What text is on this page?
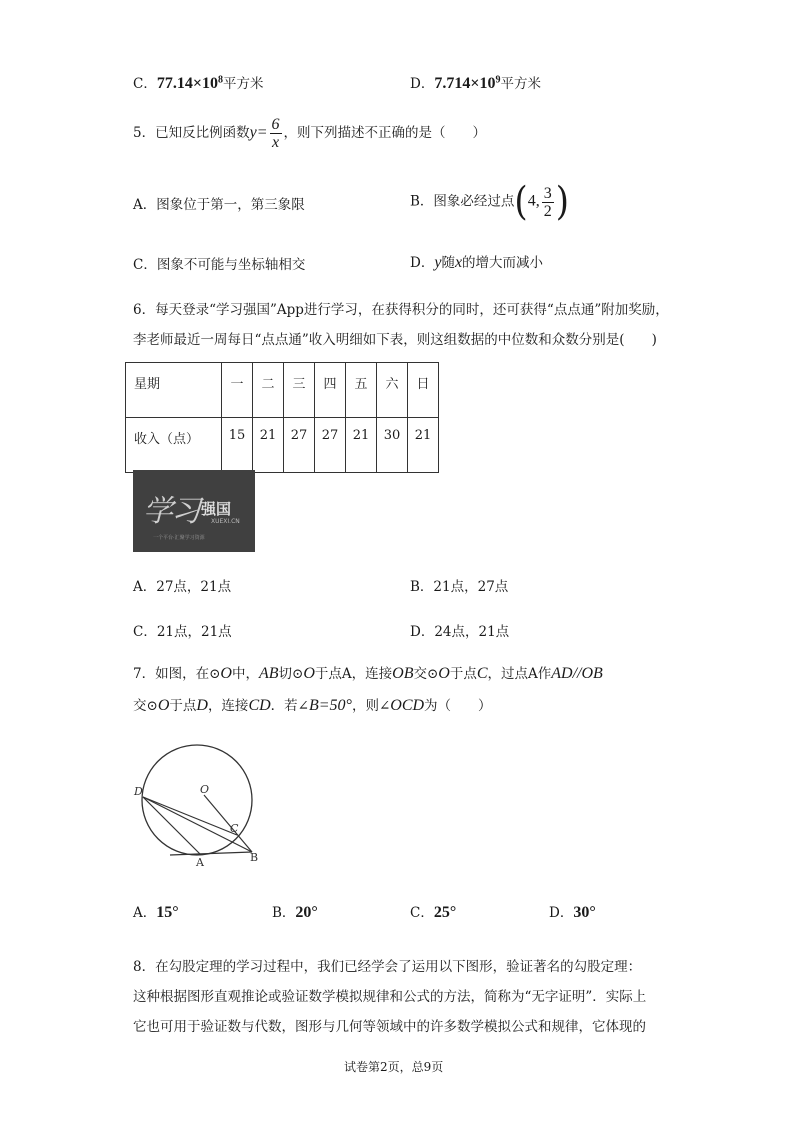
C．$77.14\times 10^8$平方米	D．$7.714\times 10^9$平方米
5．已知反比例函数$y= \frac{6}{x}$ ，则下列描述不正确的是（　　）
A．图象位于第一，第三象限	B．图象必经过点(4, $\frac{3}{2}$ )
C．图象不可能与坐标轴相交	D．y随x的增大而减小
6．每天登录“学习强国”App进行学习，在获得积分的同时，还可获得“点点通”附加奖励，
李老师最近一周每日“点点通”收入明细如下表，则这组数据的中位数和众数分别是(　　)
星期	一	二	三	四	五	六	日
收入（点）	15	21	27	27	21	30	21
学习 强国
XUEXI.CN
一个平台·汇聚学习资源
A．27点，21点	B．21点，27点
C．21点，21点	D．24点，21点
7．如图，在⊙O中，AB切⊙O于点A，连接OB交⊙O于点C，过点A作AD//OB
交⊙O于点D，连接CD．若∠B=50°，则∠OCD为（　　）
D	O
C
A	B
A．15°	B．20°	C．25°	D．30°
8．在勾股定理的学习过程中，我们已经学会了运用以下图形，验证著名的勾股定理：
这种根据图形直观推论或验证数学模拟规律和公式的方法，简称为“无字证明”．实际上
它也可用于验证数与代数，图形与几何等领域中的许多数学模拟公式和规律，它体现的
试卷第2页，总9页
